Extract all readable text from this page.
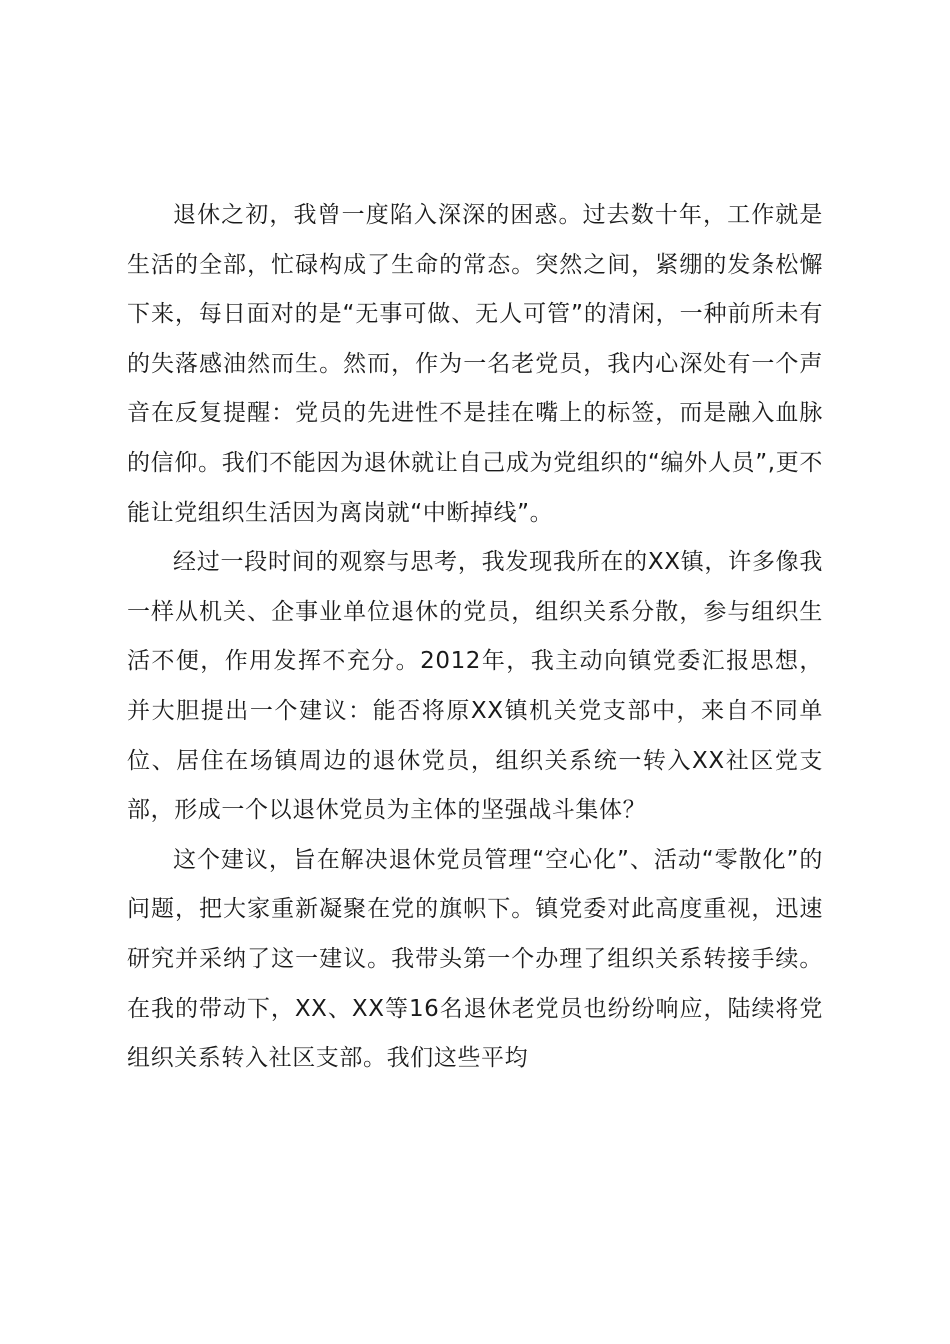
退休之初，我曾一度陷入深深的困惑。过去数十年，工作就是生活的全部，忙碌构成了生命的常态。突然之间，紧绷的发条松懈下来，每日面对的是“无事可做、无人可管”的清闲，一种前所未有的失落感油然而生。然而，作为一名老党员，我内心深处有一个声音在反复提醒：党员的先进性不是挂在嘴上的标签，而是融入血脉的信仰。我们不能因为退休就让自己成为党组织的“编外人员”,更不能让党组织生活因为离岗就“中断掉线”。

经过一段时间的观察与思考，我发现我所在的XX镇，许多像我一样从机关、企事业单位退休的党员，组织关系分散，参与组织生活不便，作用发挥不充分。2012年，我主动向镇党委汇报思想，并大胆提出一个建议：能否将原XX镇机关党支部中，来自不同单位、居住在场镇周边的退休党员，组织关系统一转入XX社区党支部，形成一个以退休党员为主体的坚强战斗集体？

这个建议，旨在解决退休党员管理“空心化”、活动“零散化”的问题，把大家重新凝聚在党的旗帜下。镇党委对此高度重视，迅速研究并采纳了这一建议。我带头第一个办理了组织关系转接手续。在我的带动下，XX、XX等16名退休老党员也纷纷响应，陆续将党组织关系转入社区支部。我们这些平均
